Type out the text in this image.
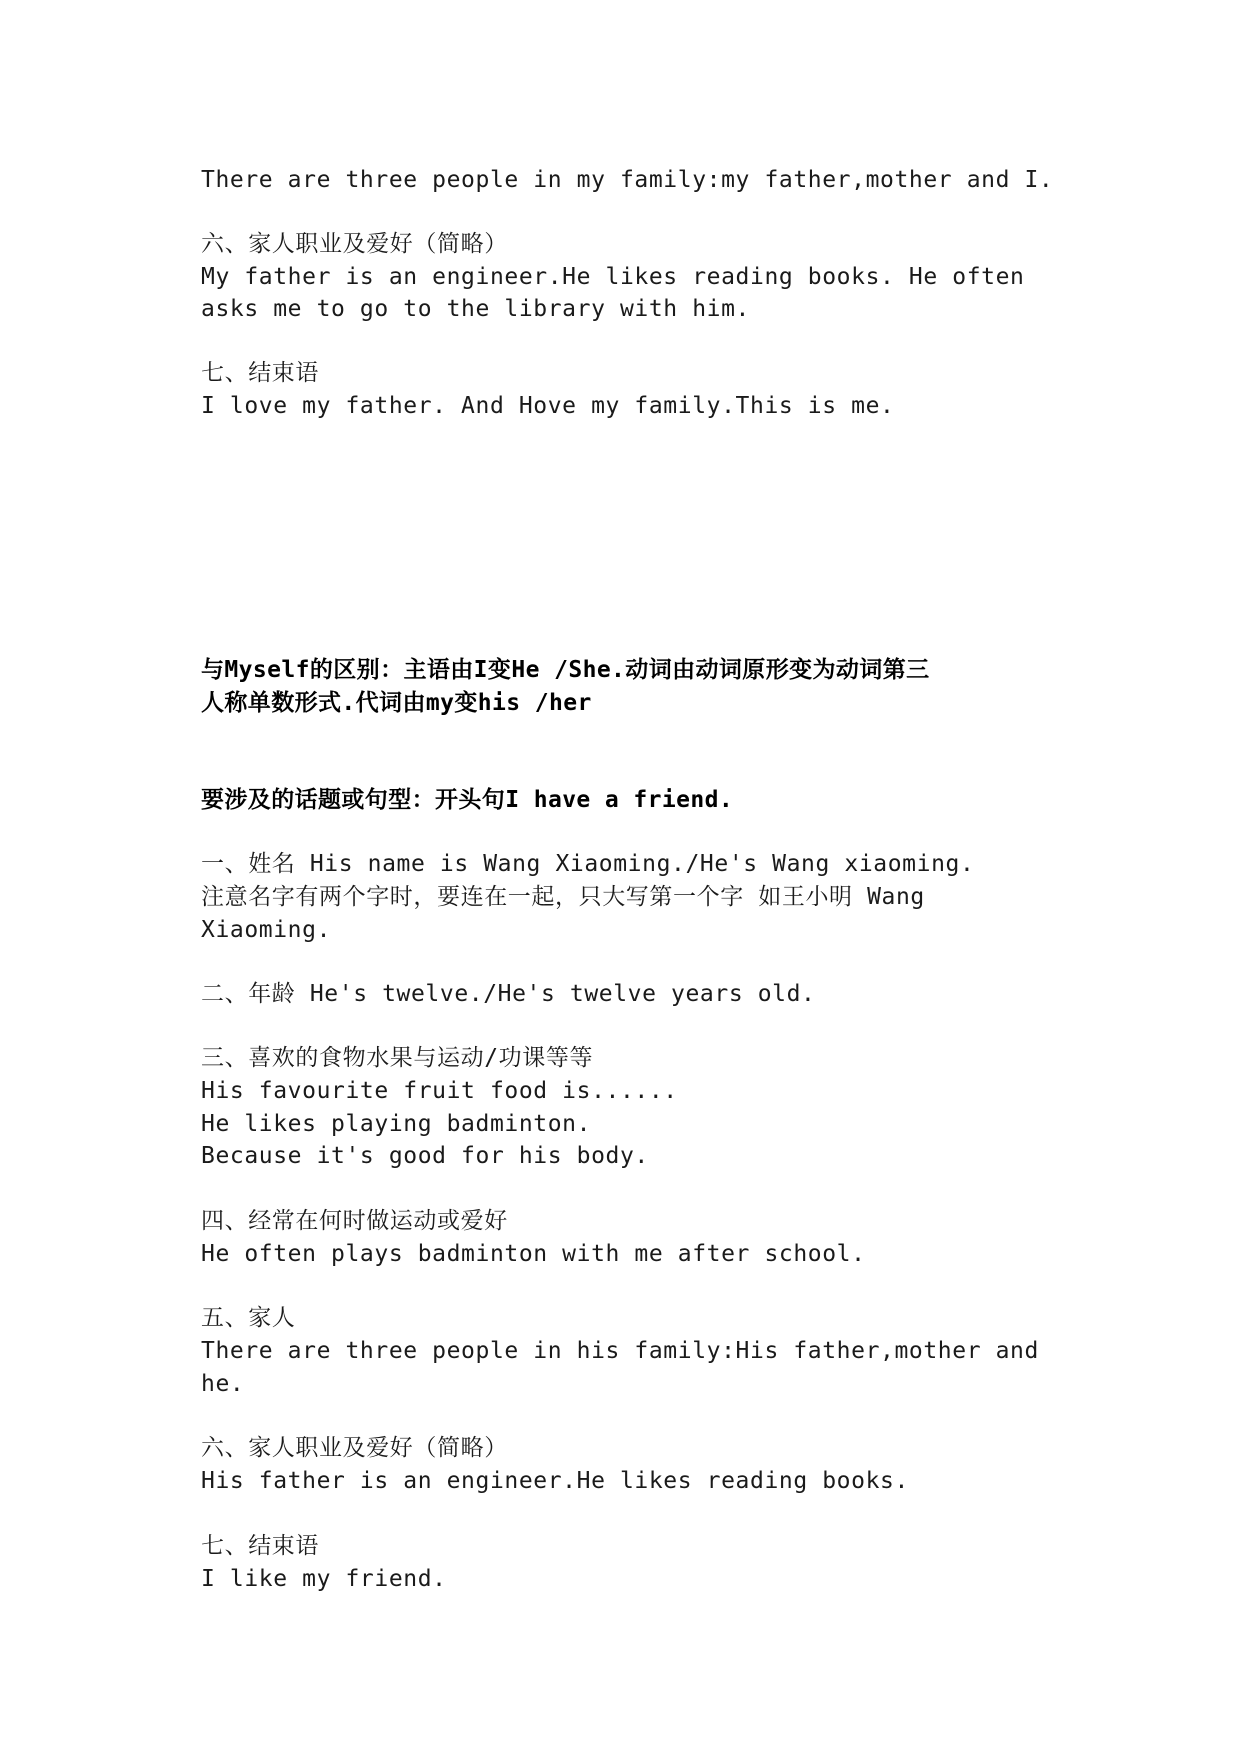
There are three people in my family:my father,mother and I.
六、家人职业及爱好（简略）
My father is an engineer.He likes reading books. He often
asks me to go to the library with him.
七、结束语
I love my father. And Hove my family.This is me.
与Myself的区别：主语由I变He /She.动词由动词原形变为动词第三
人称单数形式.代词由my变his /her
要涉及的话题或句型：开头句I have a friend.
一、姓名 His name is Wang Xiaoming./He's Wang xiaoming.
注意名字有两个字时，要连在一起，只大写第一个字 如王小明 Wang
Xiaoming.
二、年龄 He's twelve./He's twelve years old.
三、喜欢的食物水果与运动/功课等等
His favourite fruit food is......
He likes playing badminton.
Because it's good for his body.
四、经常在何时做运动或爱好
He often plays badminton with me after school.
五、家人
There are three people in his family:His father,mother and
he.
六、家人职业及爱好（简略）
His father is an engineer.He likes reading books.
七、结束语
I like my friend.
